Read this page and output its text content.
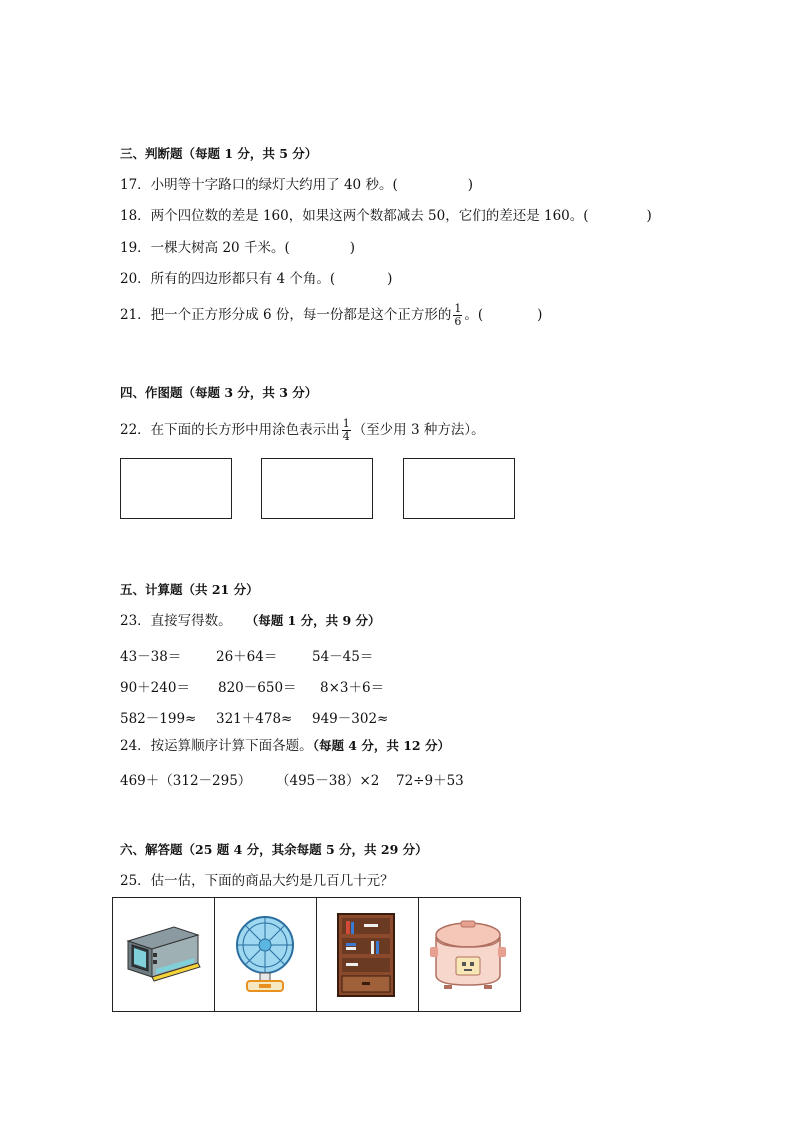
三、判断题（每题 1 分，共 5 分）
17．小明等十字路口的绿灯大约用了 40 秒。(	)
18．两个四位数的差是 160，如果这两个数都减去 50，它们的差还是 160。(	)
19．一棵大树高 20 千米。(	)
20．所有的四边形都只有 4 个角。(	)
21．把一个正方形分成 6 份，每一份都是这个正方形的 $\frac{1}{6}$ 。(	)
四、作图题（每题 3 分，共 3 分）
22．在下面的长方形中用涂色表示出 $\frac{1}{4}$ （至少用 3 种方法）。
五、计算题（共 21 分）
23．直接写得数。 （每题 1 分，共 9 分）
43－38＝	26＋64＝	54－45＝
90＋240＝ 820－650＝ 8×3＋6＝
582－199≈ 321＋478≈ 949－302≈
24．按运算顺序计算下面各题。（每题 4 分，共 12 分）
469＋（312－295） （495－38）×2 72÷9＋53
六、解答题（25 题 4 分，其余每题 5 分，共 29 分）
25．估一估，下面的商品大约是几百几十元？
